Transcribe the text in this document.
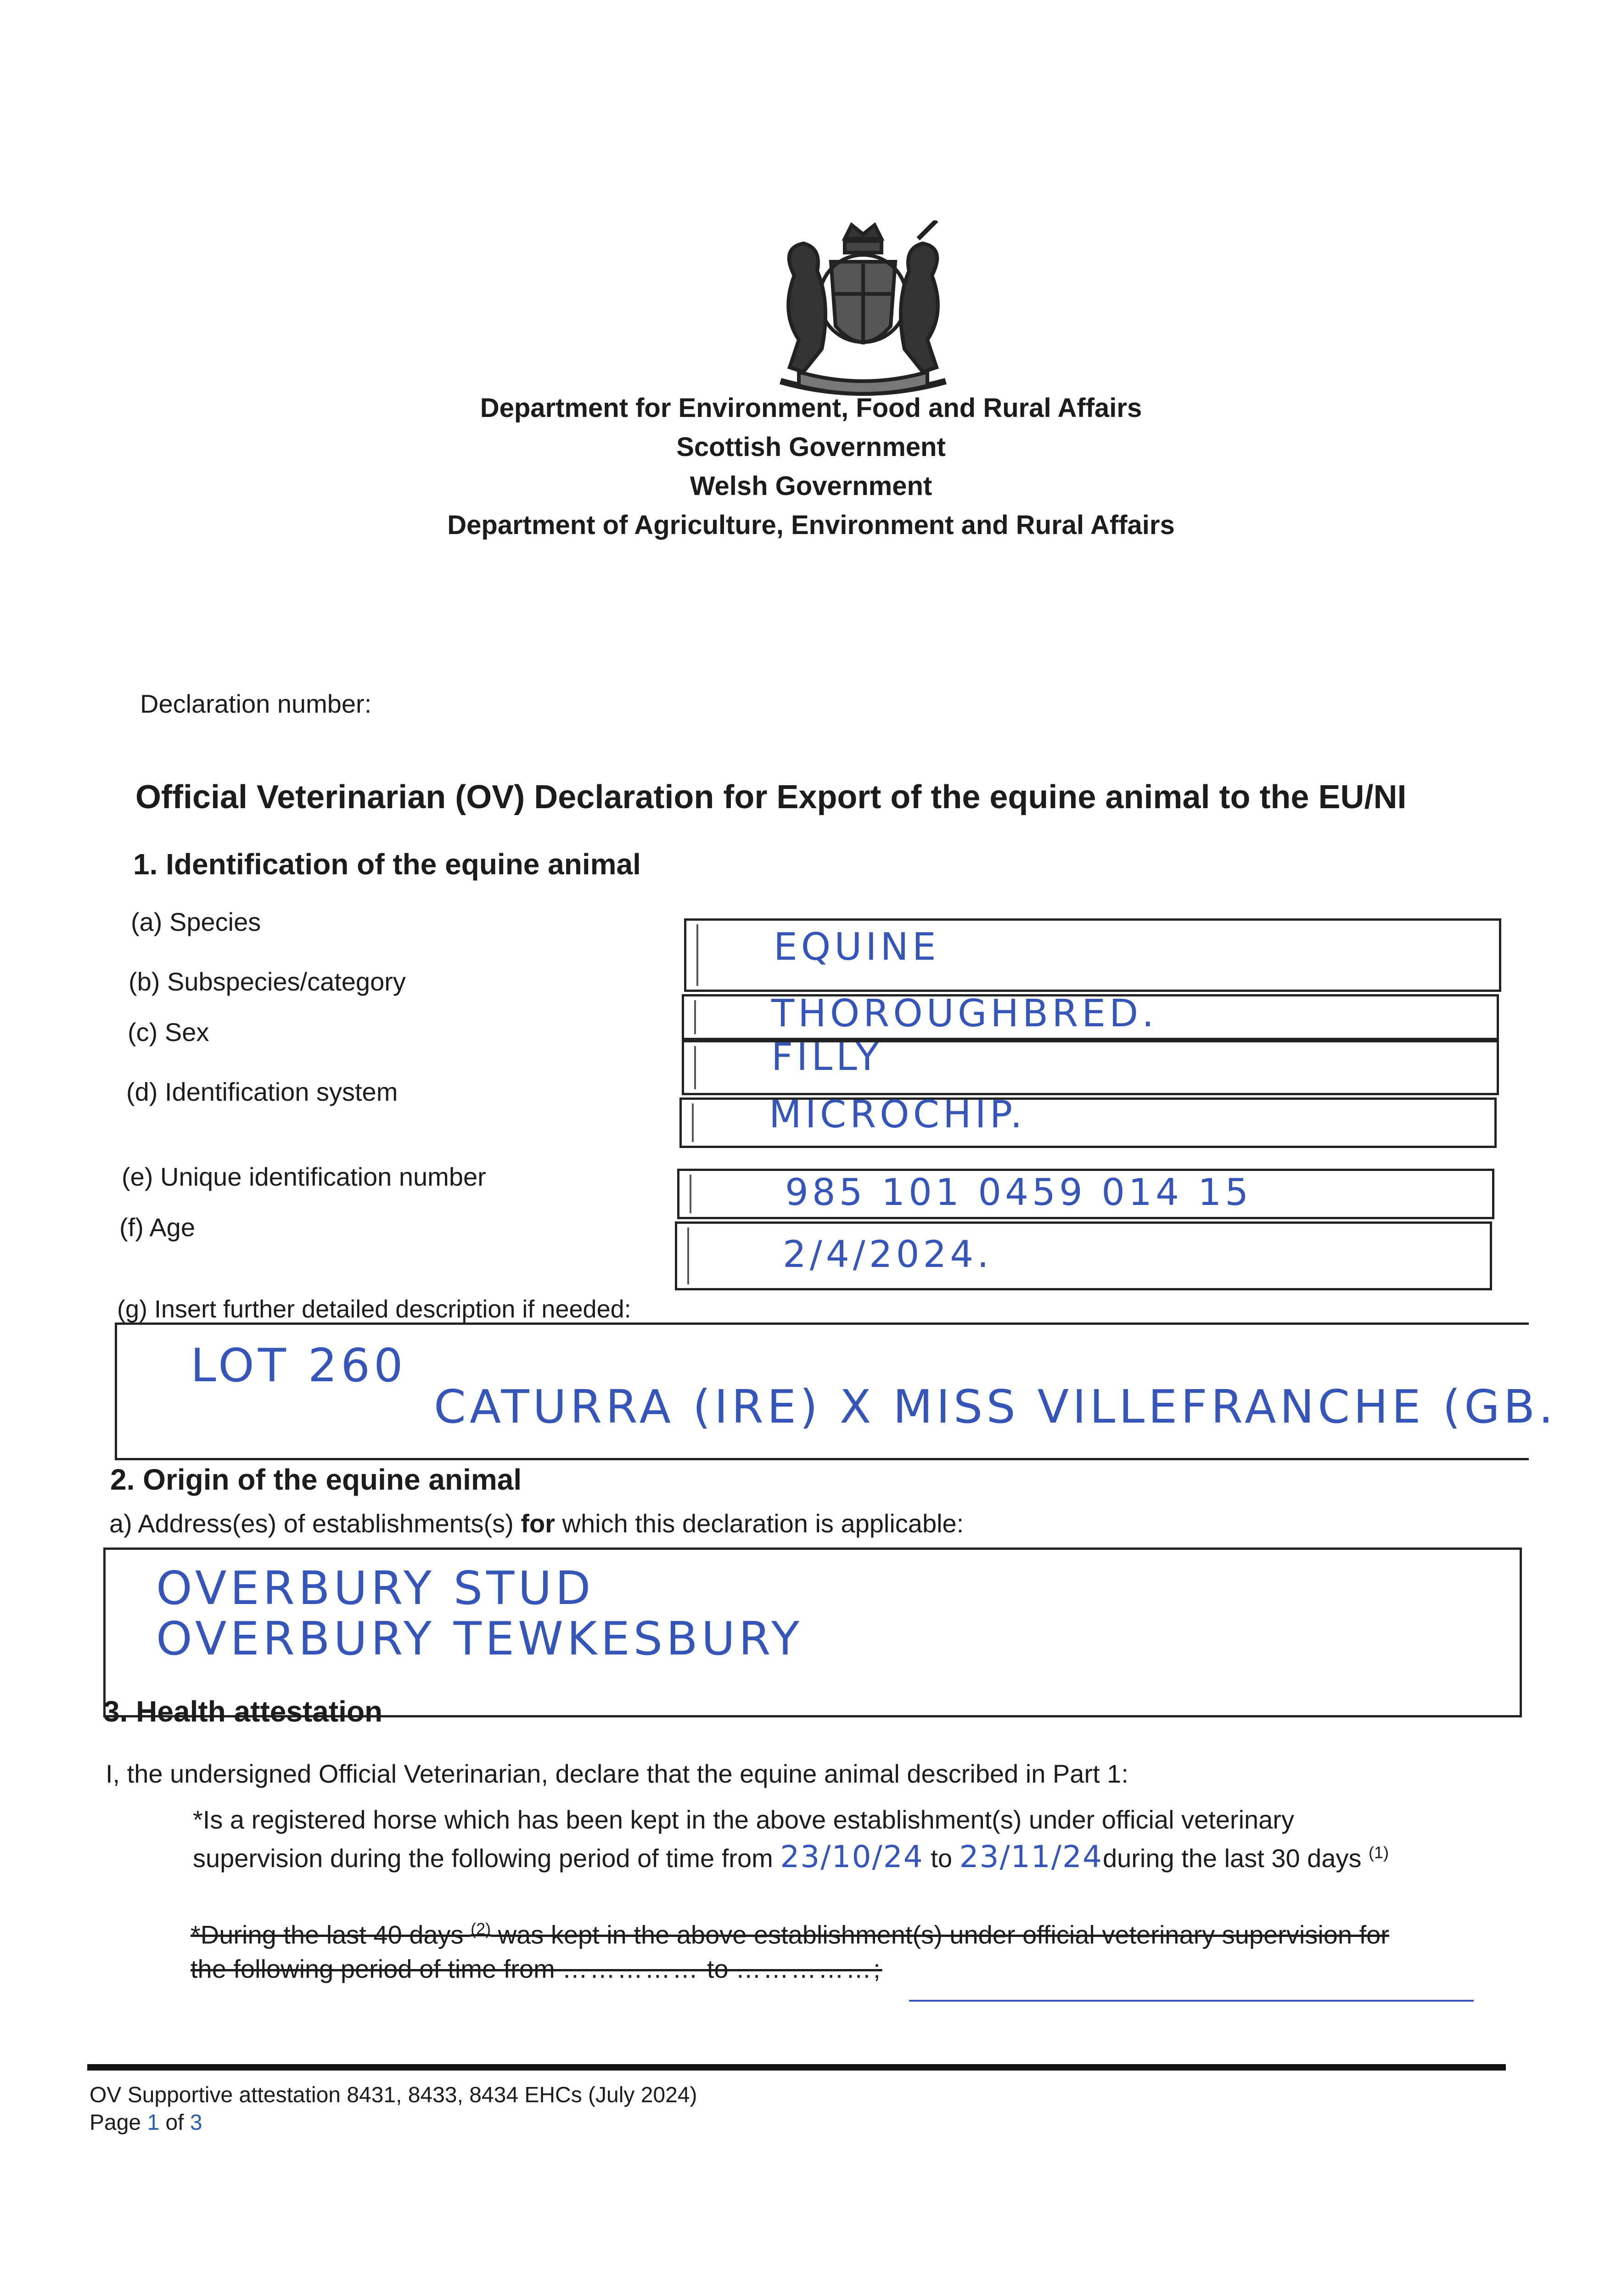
Department for Environment, Food and Rural Affairs
Scottish Government
Welsh Government
Department of Agriculture, Environment and Rural Affairs
Declaration number:
Official Veterinarian (OV) Declaration for Export of the equine animal to the EU/NI
1. Identification of the equine animal
(a) Species
(b) Subspecies/category
(c) Sex
(d) Identification system
(e) Unique identification number
(f) Age
EQUINE
THOROUGHBRED.
FILLY
MICROCHIP.
985 101 0459 014 15
2/4/2024.
(g) Insert further detailed description if needed:
LOT 260
CATURRA (IRE) X MISS VILLEFRANCHE (GB.
2. Origin of the equine animal
a) Address(es) of establishments(s) for which this declaration is applicable:
OVERBURY STUD
OVERBURY TEWKESBURY
3. Health attestation
I, the undersigned Official Veterinarian, declare that the equine animal described in Part 1:
*Is a registered horse which has been kept in the above establishment(s) under official veterinary
supervision during the following period of time from 23/10/24 to 23/11/24during the last 30 days $^{(1)}$
*During the last 40 days $^{(2)}$ was kept in the above establishment(s) under official veterinary supervision for
the following period of time from …………… to ……………;
OV Supportive attestation 8431, 8433, 8434 EHCs (July 2024)
Page 1 of 3
